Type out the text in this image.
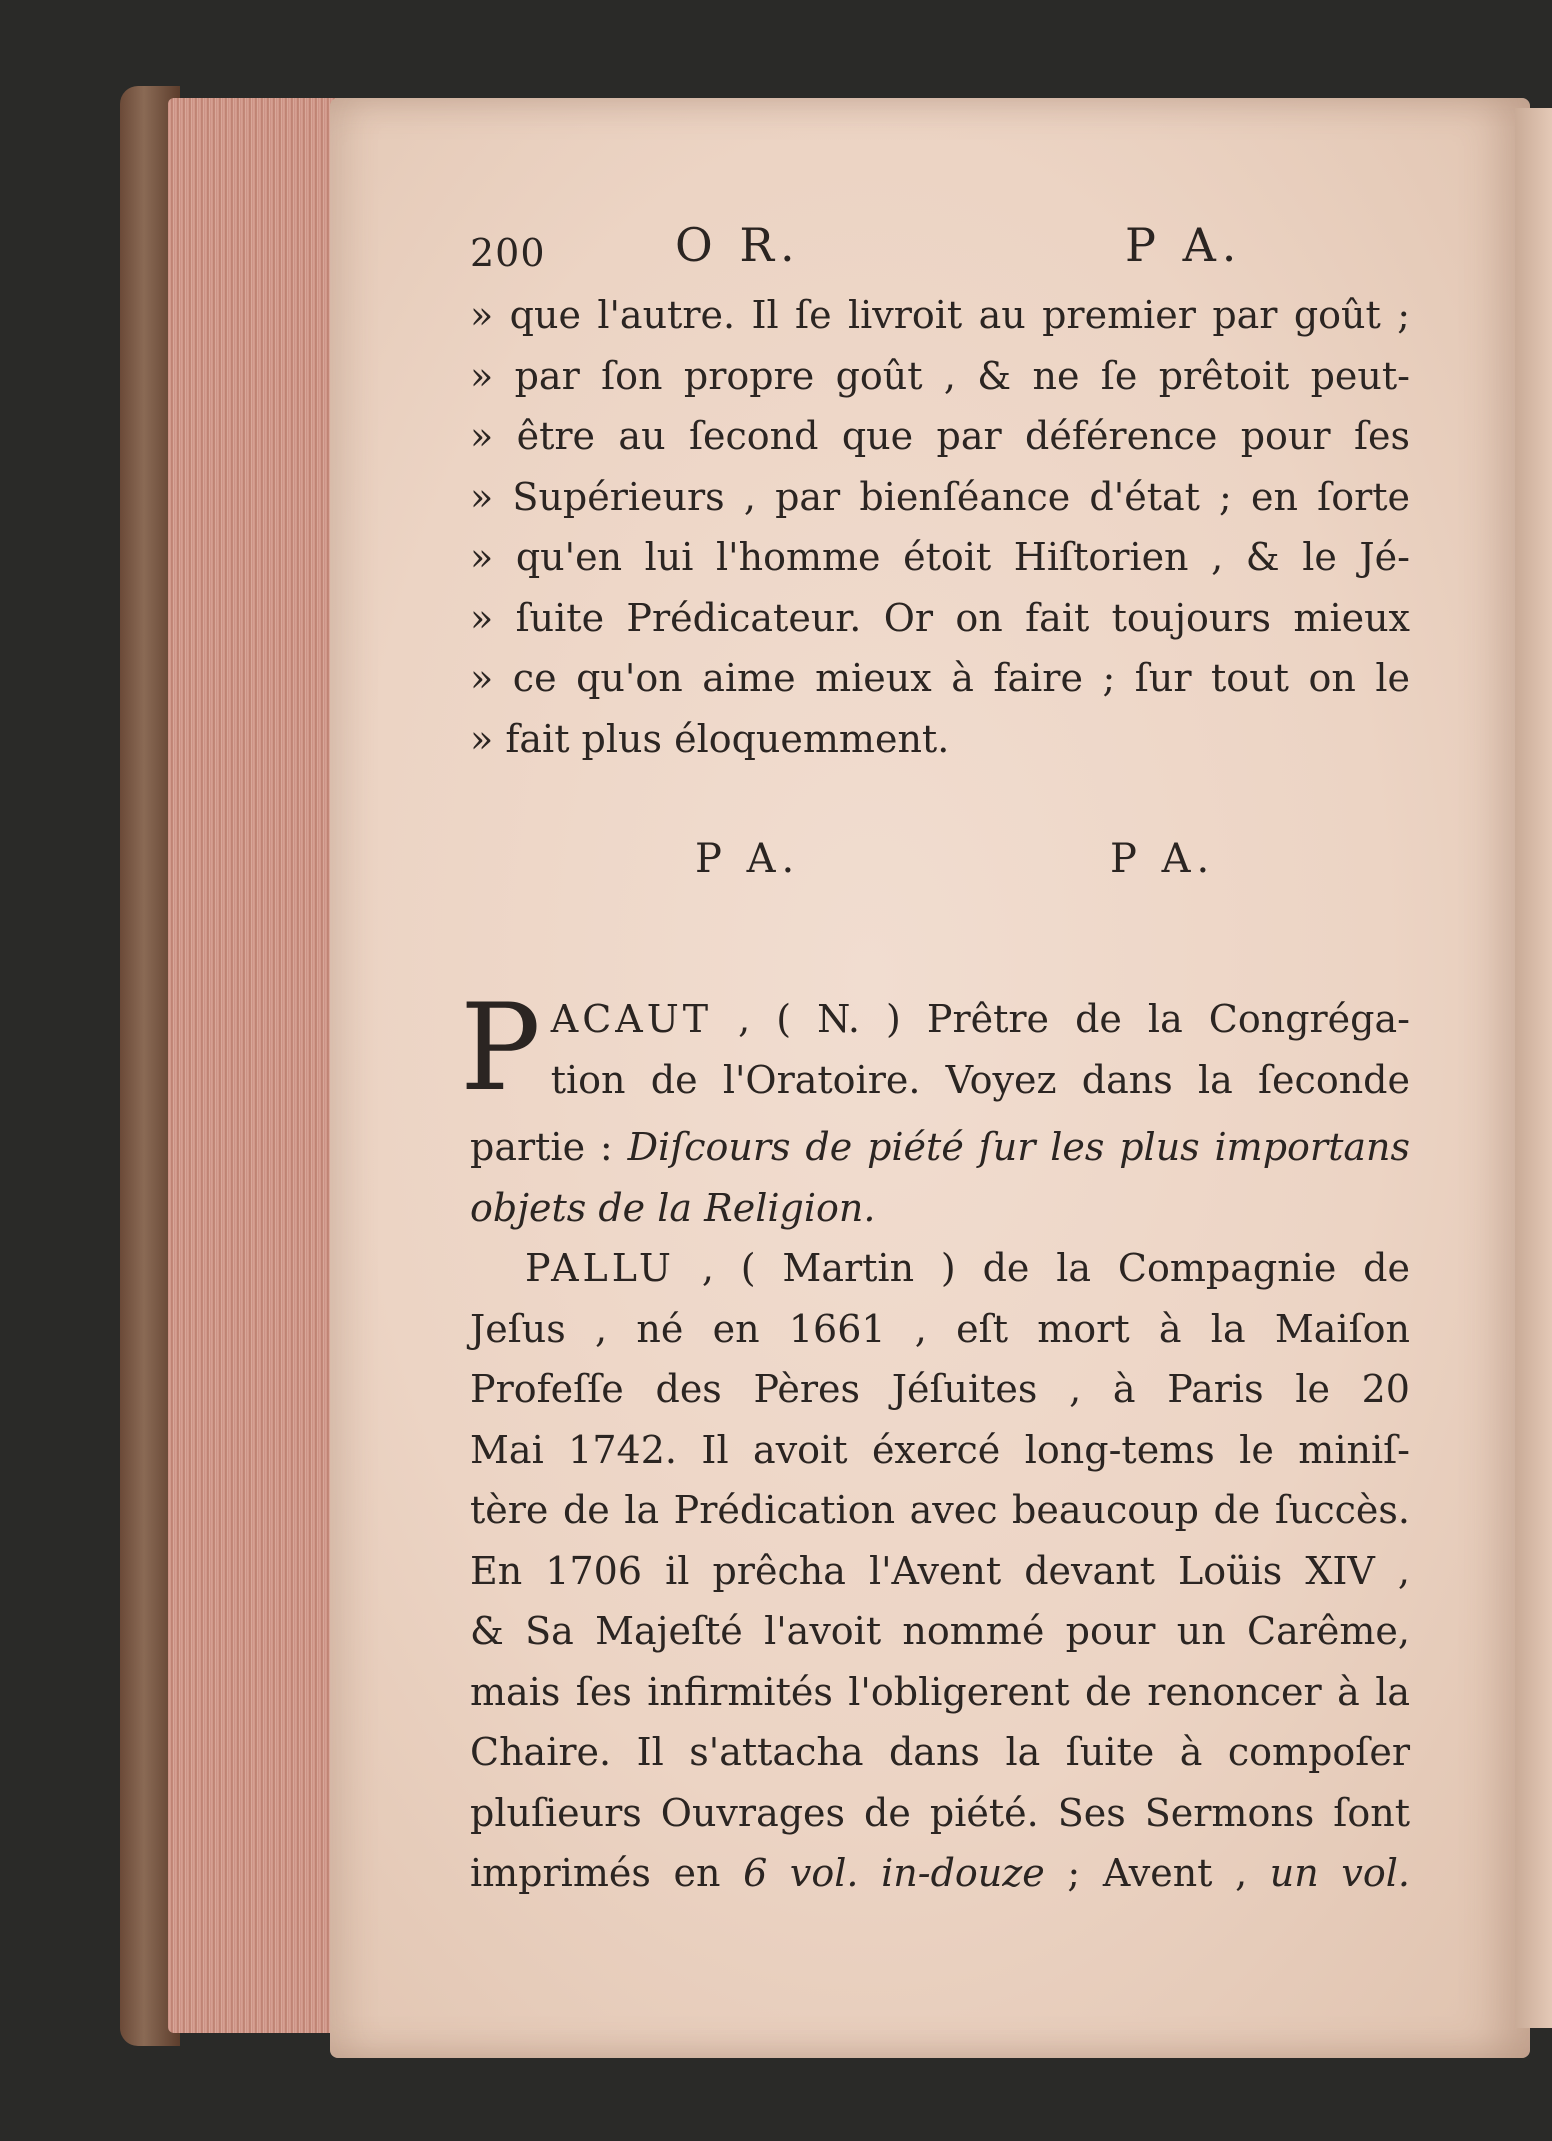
200	O R.	P A.
» que l'autre. Il ſe livroit au premier par goût ;
» par ſon propre goût , & ne ſe prêtoit peut-
» être au ſecond que par déférence pour ſes
» Supérieurs , par bienſéance d'état ; en ſorte
» qu'en lui l'homme étoit Hiſtorien , & le Jé-
» ſuite Prédicateur. Or on fait toujours mieux
» ce qu'on aime mieux à faire ; ſur tout on le
» fait plus éloquemment.
P A.	P A.
P ACAUT , ( N. ) Prêtre de la Congréga-
tion de l'Oratoire. Voyez dans la ſeconde
partie : Diſcours de piété ſur les plus importans
objets de la Religion.
PALLU , ( Martin ) de la Compagnie de
Jeſus , né en 1661 , eſt mort à la Maiſon
Profeſſe des Pères Jéſuites , à Paris le 20
Mai 1742. Il avoit éxercé long-tems le miniſ-
tère de la Prédication avec beaucoup de ſuccès.
En 1706 il prêcha l'Avent devant Loüis XIV ,
& Sa Majeſté l'avoit nommé pour un Carême,
mais ſes infirmités l'obligerent de renoncer à la
Chaire. Il s'attacha dans la ſuite à compoſer
pluſieurs Ouvrages de piété. Ses Sermons ſont
imprimés en 6 vol. in-douze ; Avent , un vol.
